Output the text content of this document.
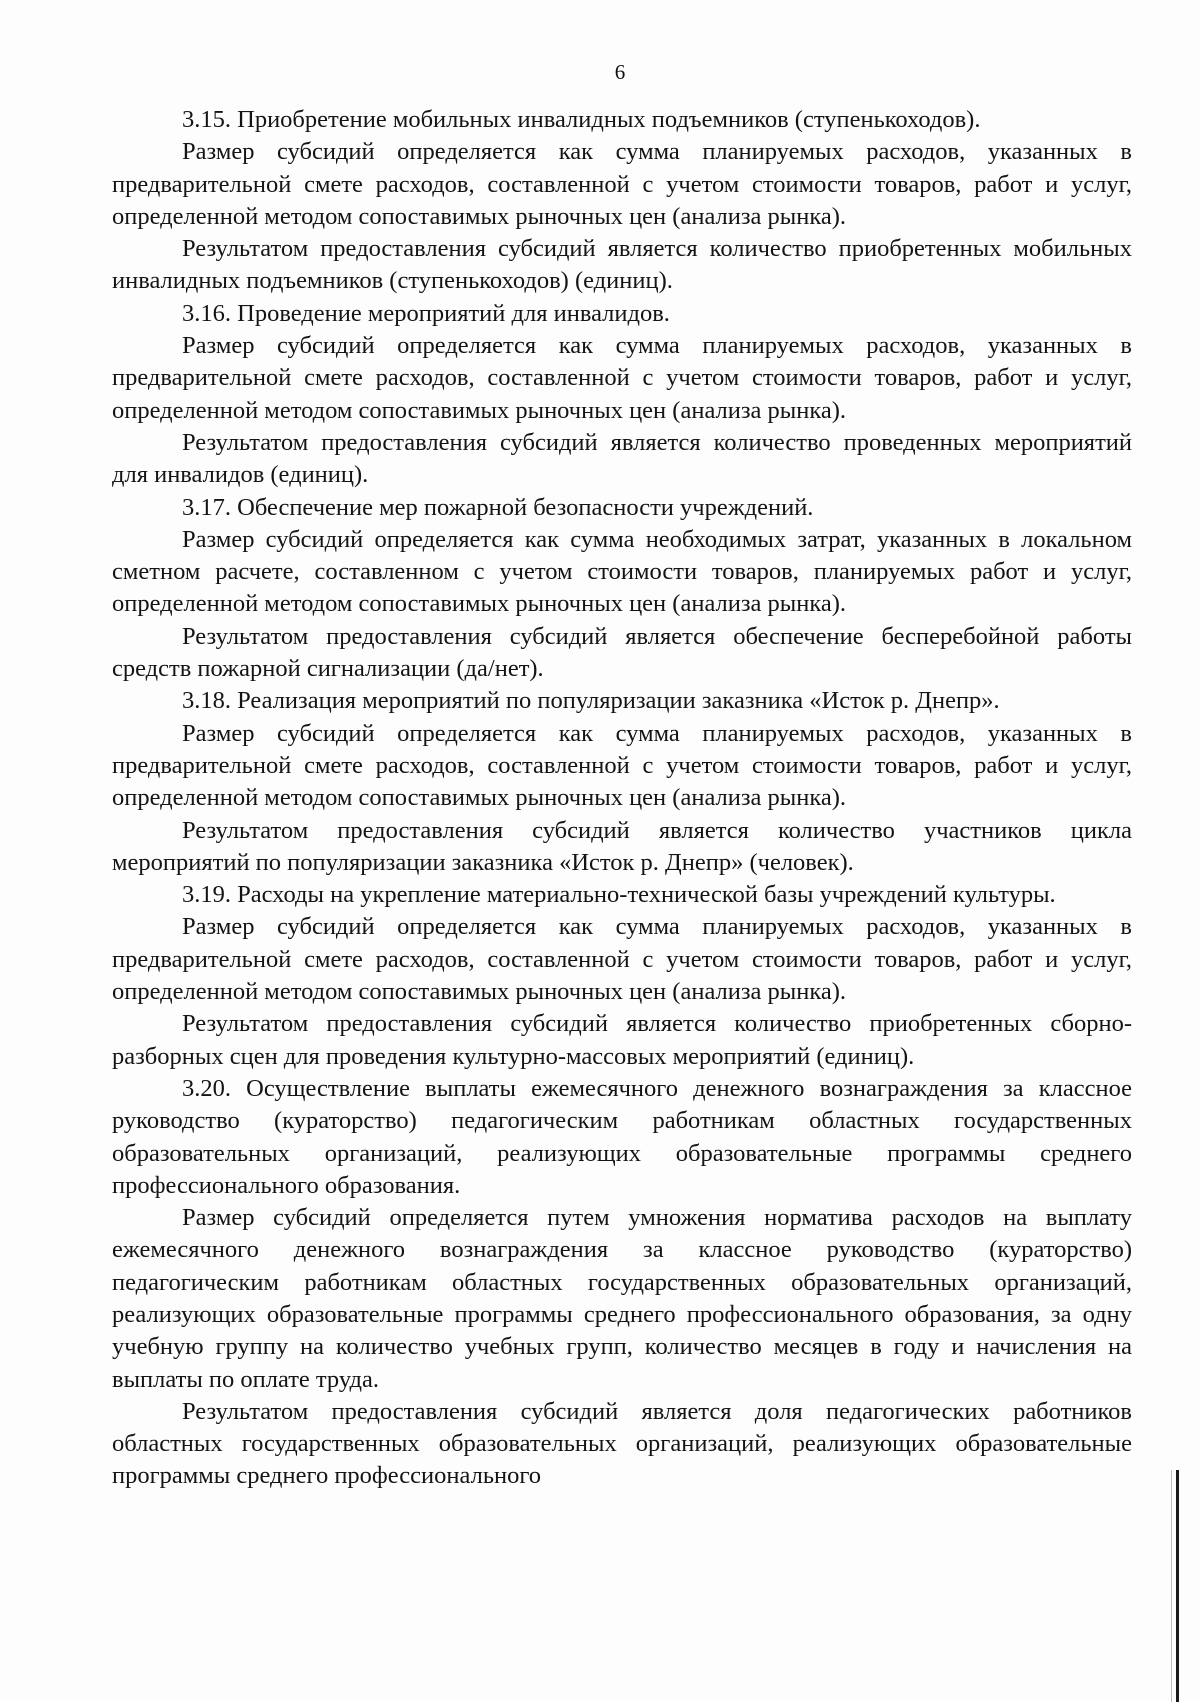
6

3.15. Приобретение мобильных инвалидных подъемников (ступенькоходов).

Размер субсидий определяется как сумма планируемых расходов, указанных в предварительной смете расходов, составленной с учетом стоимости товаров, работ и услуг, определенной методом сопоставимых рыночных цен (анализа рынка).

Результатом предоставления субсидий является количество приобретенных мобильных инвалидных подъемников (ступенькоходов) (единиц).

3.16. Проведение мероприятий для инвалидов.

Размер субсидий определяется как сумма планируемых расходов, указанных в предварительной смете расходов, составленной с учетом стоимости товаров, работ и услуг, определенной методом сопоставимых рыночных цен (анализа рынка).

Результатом предоставления субсидий является количество проведенных мероприятий для инвалидов (единиц).

3.17. Обеспечение мер пожарной безопасности учреждений.

Размер субсидий определяется как сумма необходимых затрат, указанных в локальном сметном расчете, составленном с учетом стоимости товаров, планируемых работ и услуг, определенной методом сопоставимых рыночных цен (анализа рынка).

Результатом предоставления субсидий является обеспечение бесперебойной работы средств пожарной сигнализации (да/нет).

3.18. Реализация мероприятий по популяризации заказника «Исток р. Днепр».

Размер субсидий определяется как сумма планируемых расходов, указанных в предварительной смете расходов, составленной с учетом стоимости товаров, работ и услуг, определенной методом сопоставимых рыночных цен (анализа рынка).

Результатом предоставления субсидий является количество участников цикла мероприятий по популяризации заказника «Исток р. Днепр» (человек).

3.19. Расходы на укрепление материально-технической базы учреждений культуры.

Размер субсидий определяется как сумма планируемых расходов, указанных в предварительной смете расходов, составленной с учетом стоимости товаров, работ и услуг, определенной методом сопоставимых рыночных цен (анализа рынка).

Результатом предоставления субсидий является количество приобретенных сборно-разборных сцен для проведения культурно-массовых мероприятий (единиц).

3.20. Осуществление выплаты ежемесячного денежного вознаграждения за классное руководство (кураторство) педагогическим работникам областных государственных образовательных организаций, реализующих образовательные программы среднего профессионального образования.

Размер субсидий определяется путем умножения норматива расходов на выплату ежемесячного денежного вознаграждения за классное руководство (кураторство) педагогическим работникам областных государственных образовательных организаций, реализующих образовательные программы среднего профессионального образования, за одну учебную группу на количество учебных групп, количество месяцев в году и начисления на выплаты по оплате труда.

Результатом предоставления субсидий является доля педагогических работников областных государственных образовательных организаций, реализующих образовательные программы среднего профессионального
